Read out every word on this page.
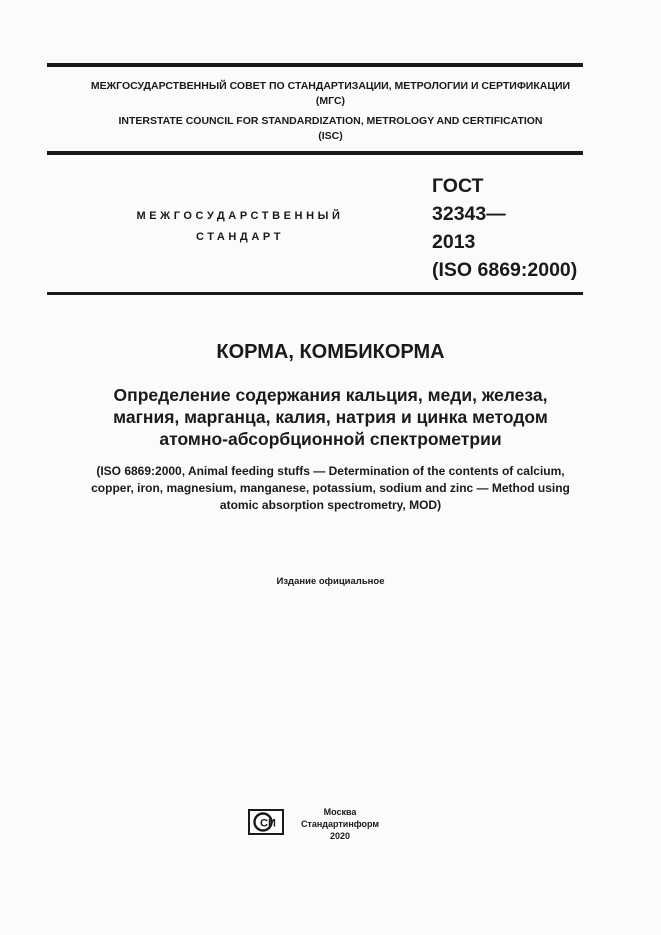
МЕЖГОСУДАРСТВЕННЫЙ СОВЕТ ПО СТАНДАРТИЗАЦИИ, МЕТРОЛОГИИ И СЕРТИФИКАЦИИ
(МГС)
INTERSTATE COUNCIL FOR STANDARDIZATION, METROLOGY AND CERTIFICATION
(ISC)
МЕЖГОСУДАРСТВЕННЫЙ
СТАНДАРТ
ГОСТ
32343—
2013
(ISO 6869:2000)
КОРМА, КОМБИКОРМА
Определение содержания кальция, меди, железа,
магния, марганца, калия, натрия и цинка методом
атомно-абсорбционной спектрометрии
(ISO 6869:2000, Animal feeding stuffs — Determination of the contents of calcium,
copper, iron, magnesium, manganese, potassium, sodium and zinc — Method using
atomic absorption spectrometry, MOD)
Издание официальное
СИ
Москва
Стандартинформ
2020
